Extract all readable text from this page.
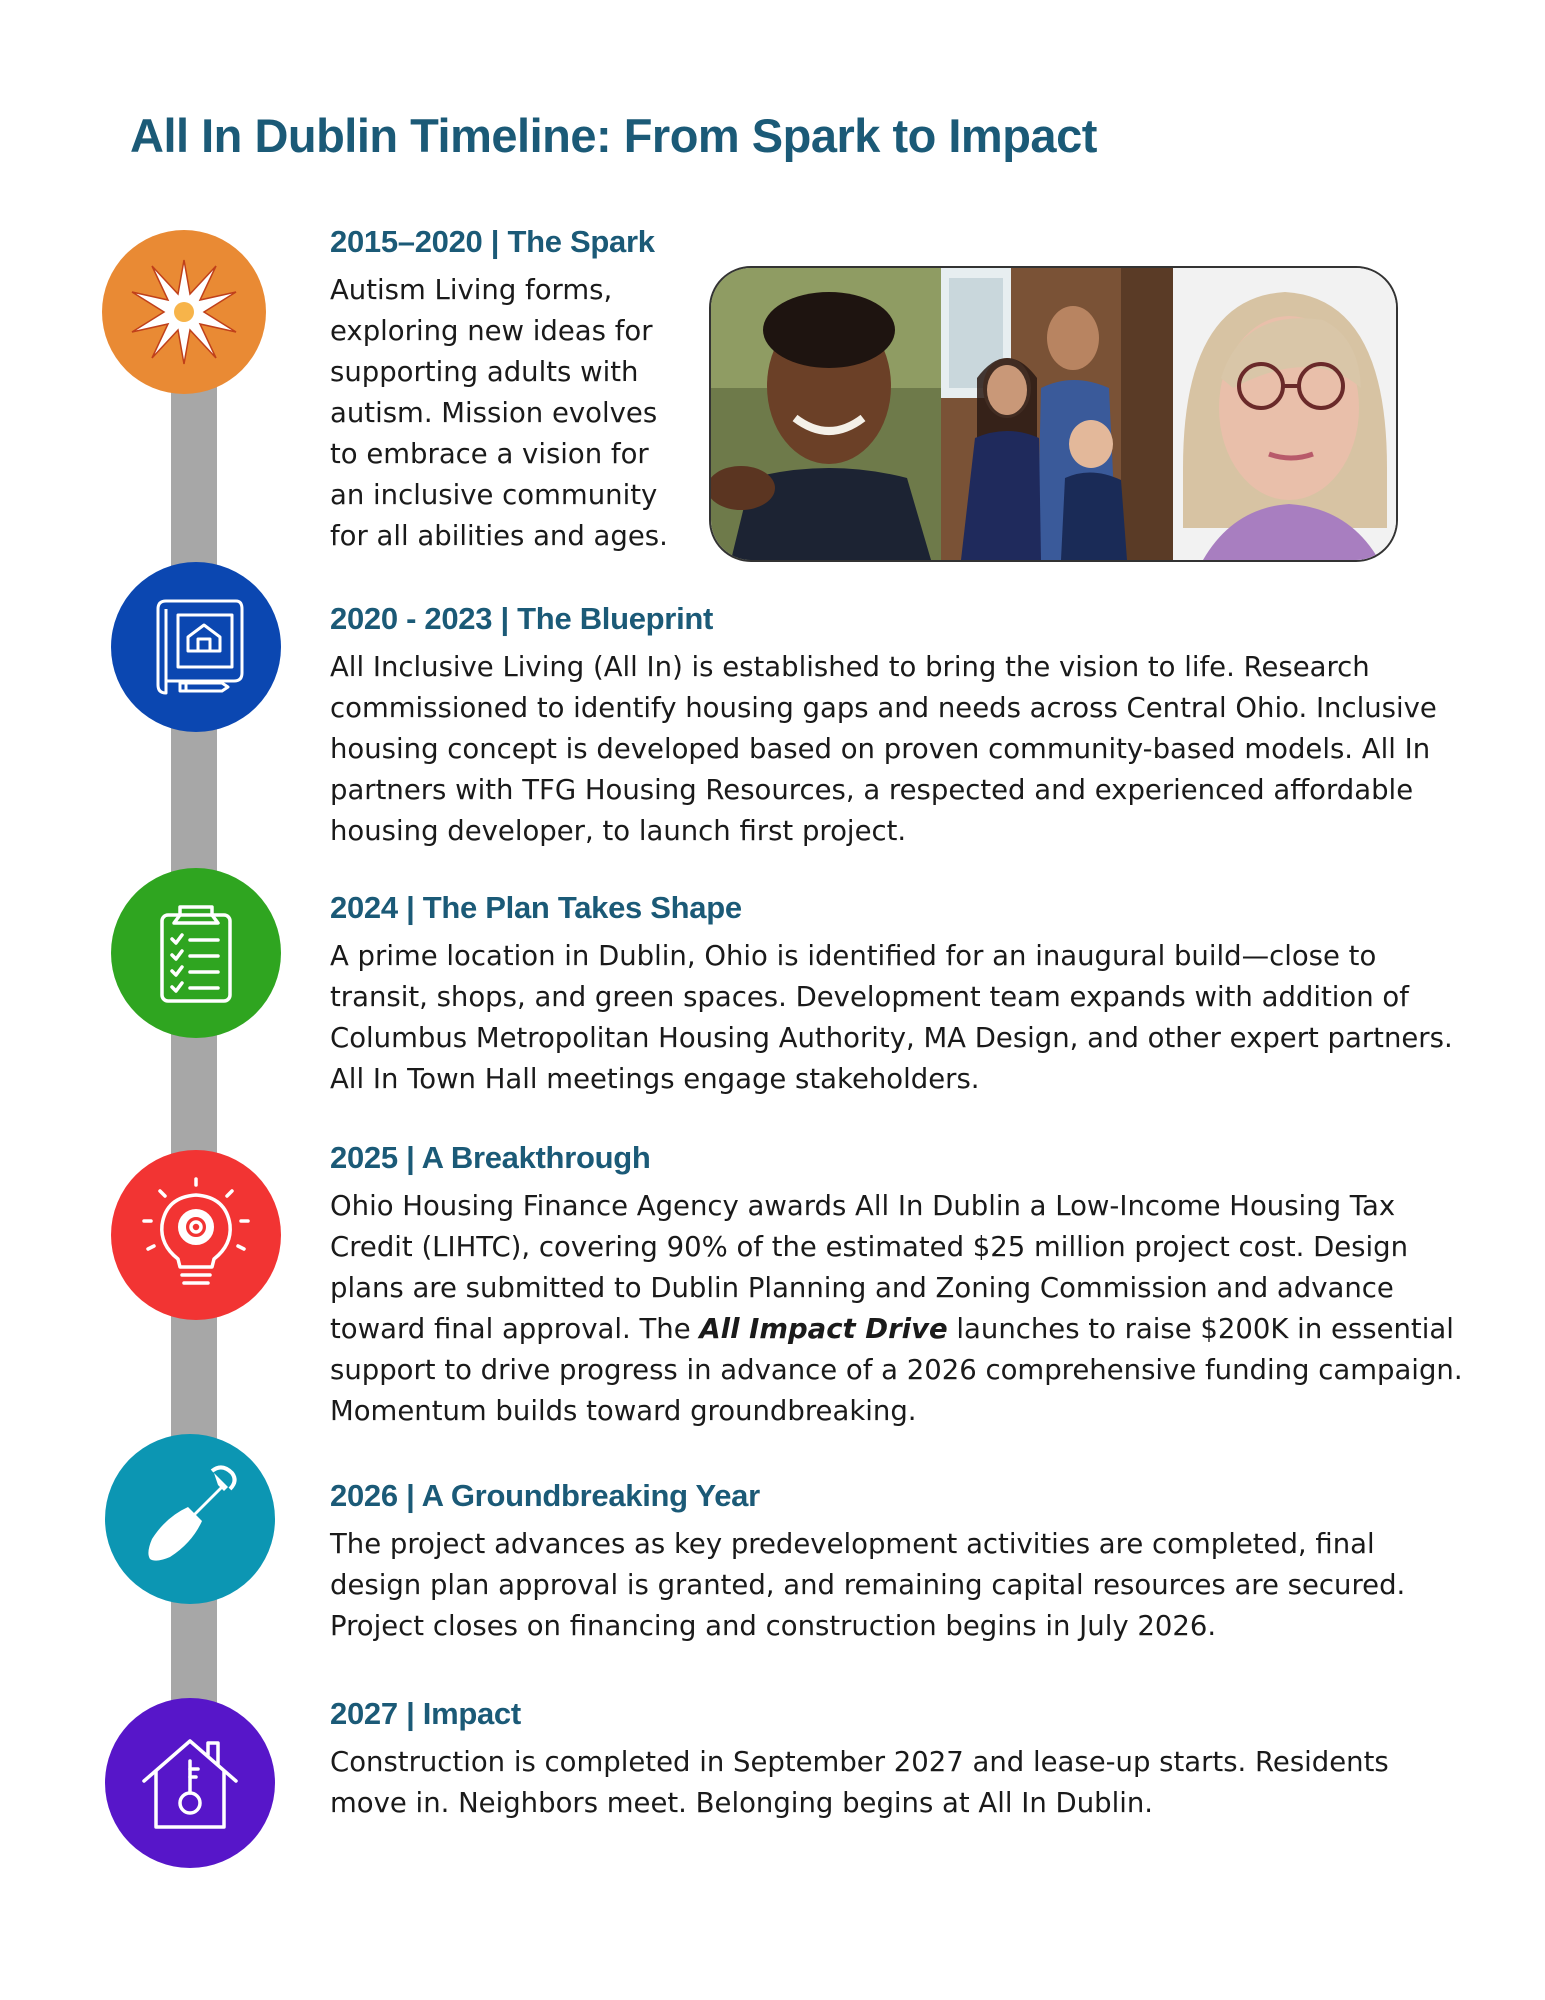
All In Dublin Timeline: From Spark to Impact
2015–2020 | The Spark

Autism Living forms, exploring new ideas for supporting adults with autism. Mission evolves to embrace a vision for an inclusive community for all abilities and ages.

2020 - 2023 | The Blueprint

All Inclusive Living (All In) is established to bring the vision to life. Research commissioned to identify housing gaps and needs across Central Ohio. Inclusive housing concept is developed based on proven community-based models. All In partners with TFG Housing Resources, a respected and experienced affordable housing developer, to launch first project.

2024 | The Plan Takes Shape

A prime location in Dublin, Ohio is identified for an inaugural build—close to transit, shops, and green spaces. Development team expands with addition of Columbus Metropolitan Housing Authority, MA Design, and other expert partners. All In Town Hall meetings engage stakeholders.

2025 | A Breakthrough

Ohio Housing Finance Agency awards All In Dublin a Low-Income Housing Tax Credit (LIHTC), covering 90% of the estimated $25 million project cost. Design plans are submitted to Dublin Planning and Zoning Commission and advance toward final approval. The All Impact Drive launches to raise $200K in essential support to drive progress in advance of a 2026 comprehensive funding campaign. Momentum builds toward groundbreaking.

2026 | A Groundbreaking Year

The project advances as key predevelopment activities are completed, final design plan approval is granted, and remaining capital resources are secured. Project closes on financing and construction begins in July 2026.

2027 | Impact

Construction is completed in September 2027 and lease-up starts. Residents move in. Neighbors meet. Belonging begins at All In Dublin.
